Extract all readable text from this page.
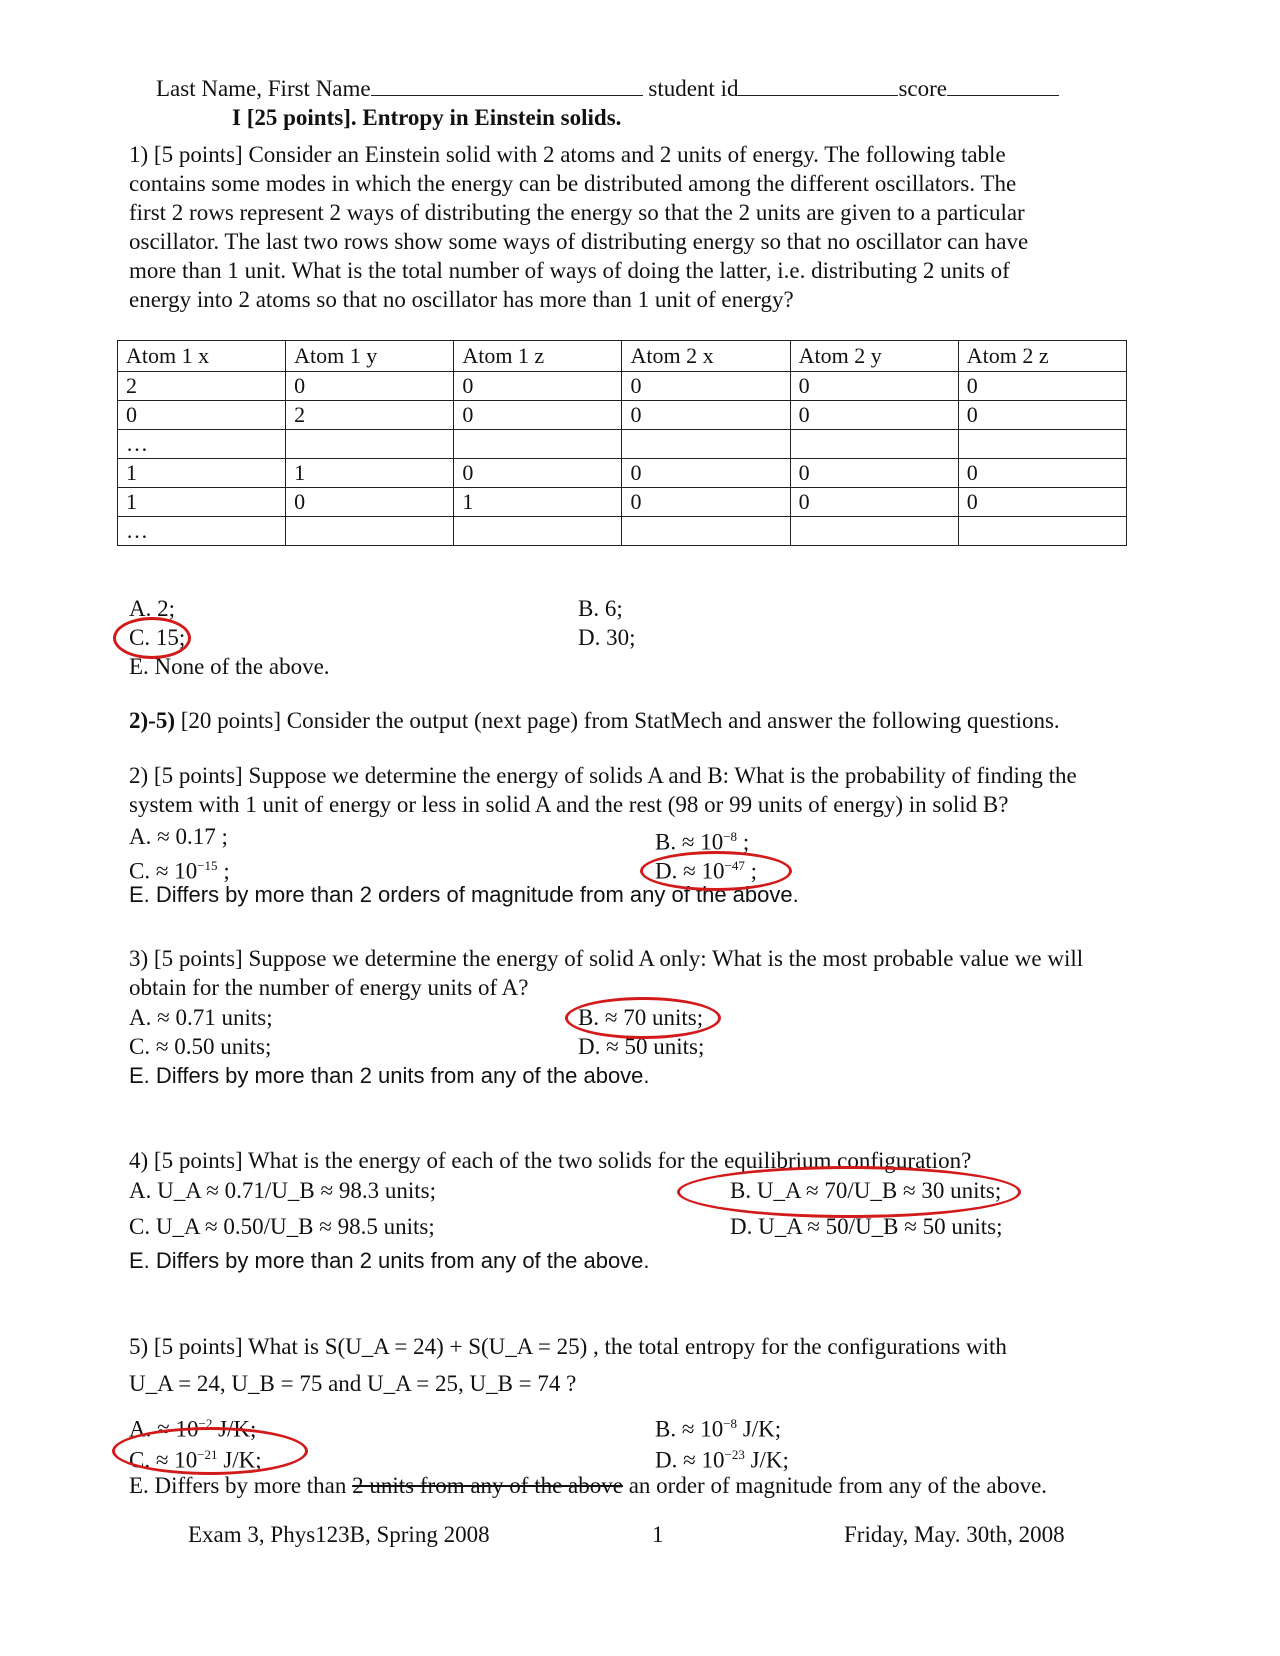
Last Name, First Name	student id	score
I [25 points]. Entropy in Einstein solids.
1) [5 points] Consider an Einstein solid with 2 atoms and 2 units of energy. The following table
contains some modes in which the energy can be distributed among the different oscillators. The
first 2 rows represent 2 ways of distributing the energy so that the 2 units are given to a particular
oscillator. The last two rows show some ways of distributing energy so that no oscillator can have
more than 1 unit. What is the total number of ways of doing the latter, i.e. distributing 2 units of
energy into 2 atoms so that no oscillator has more than 1 unit of energy?
Atom 1 x	Atom 1 y	Atom 1 z	Atom 2 x	Atom 2 y	Atom 2 z
2	0	0	0	0	0
0	2	0	0	0	0
…					
1	1	0	0	0	0
1	0	1	0	0	0
…					
A. 2;	B. 6;
C. 15;	D. 30;
E. None of the above.
2)-5) [20 points] Consider the output (next page) from StatMech and answer the following questions.
2) [5 points] Suppose we determine the energy of solids A and B: What is the probability of finding the
system with 1 unit of energy or less in solid A and the rest (98 or 99 units of energy) in solid B?
A. ≈ 0.17 ;	B. ≈ $10^{-8}$ ;
C. ≈ $10^{-15}$ ;	D. ≈ $10^{-47}$ ;
E. Differs by more than 2 orders of magnitude from any of the above.
3) [5 points] Suppose we determine the energy of solid A only: What is the most probable value we will
obtain for the number of energy units of A?
A. ≈ 0.71 units;	B. ≈ 70 units;
C. ≈ 0.50 units;	D. ≈ 50 units;
E. Differs by more than 2 units from any of the above.
4) [5 points] What is the energy of each of the two solids for the equilibrium configuration?
A. U_A ≈ 0.71/U_B ≈ 98.3 units;	B. U_A ≈ 70/U_B ≈ 30 units;
C. U_A ≈ 0.50/U_B ≈ 98.5 units;	D. U_A ≈ 50/U_B ≈ 50 units;
E. Differs by more than 2 units from any of the above.
5) [5 points] What is S(U_A = 24) + S(U_A = 25) , the total entropy for the configurations with
U_A = 24, U_B = 75 and U_A = 25, U_B = 74 ?
A. ≈ $10^{-2}$ J/K;	B. ≈ $10^{-8}$ J/K;
C. ≈ $10^{-21}$ J/K;	D. ≈ $10^{-23}$ J/K;
E. Differs by more than 2 units from any of the above an order of magnitude from any of the above.
Exam 3, Phys123B, Spring 2008	1	Friday, May. 30th, 2008
